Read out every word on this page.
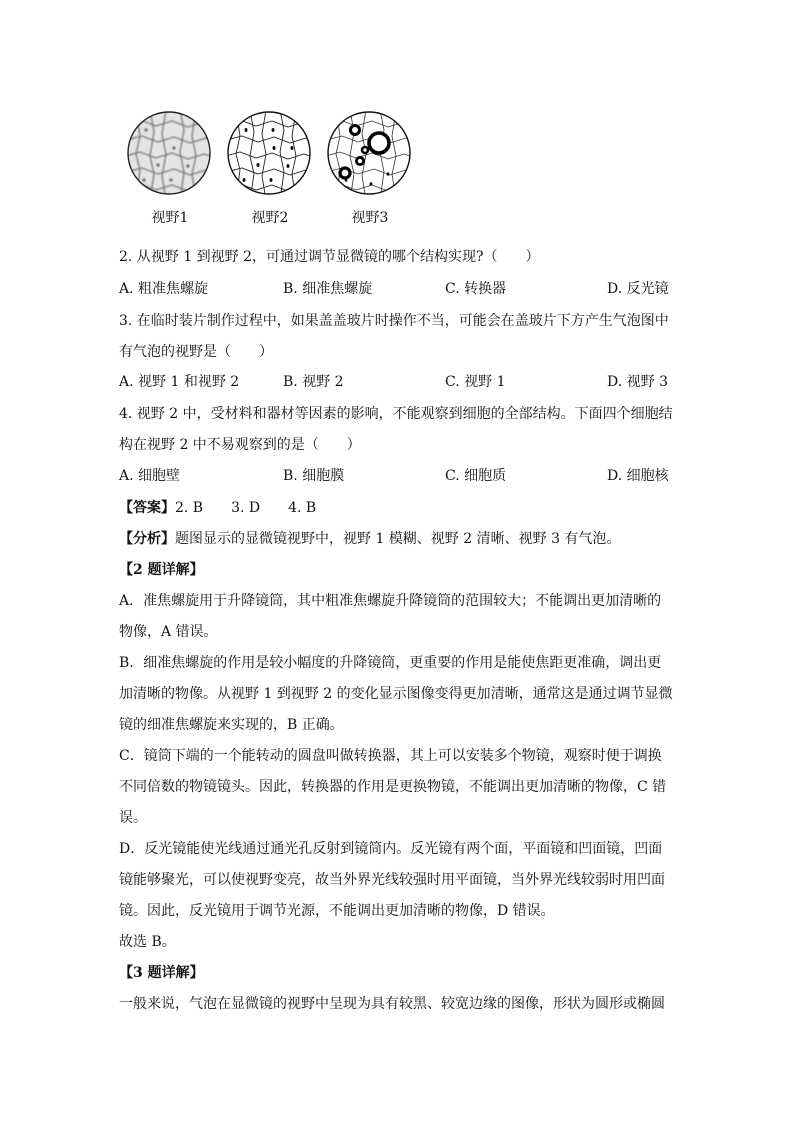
视野1	视野2	视野3
2. 从视野 1 到视野 2，可通过调节显微镜的哪个结构实现?（　　）
A. 粗准焦螺旋	B. 细准焦螺旋	C. 转换器	D. 反光镜
3. 在临时装片制作过程中，如果盖盖玻片时操作不当，可能会在盖玻片下方产生气泡图中
有气泡的视野是（　　）
A. 视野 1 和视野 2	B. 视野 2	C. 视野 1	D. 视野 3
4. 视野 2 中，受材料和器材等因素的影响，不能观察到细胞的全部结构。下面四个细胞结
构在视野 2 中不易观察到的是（　　）
A. 细胞壁	B. 细胞膜	C. 细胞质	D. 细胞核
【答案】2. B　　3. D　　4. B
【分析】题图显示的显微镜视野中，视野 1 模糊、视野 2 清晰、视野 3 有气泡。
【2 题详解】
A．准焦螺旋用于升降镜筒，其中粗准焦螺旋升降镜筒的范围较大；不能调出更加清晰的
物像，A 错误。
B．细准焦螺旋的作用是较小幅度的升降镜筒，更重要的作用是能使焦距更准确，调出更
加清晰的物像。从视野 1 到视野 2 的变化显示图像变得更加清晰，通常这是通过调节显微
镜的细准焦螺旋来实现的，B 正确。
C．镜筒下端的一个能转动的圆盘叫做转换器，其上可以安装多个物镜，观察时便于调换
不同倍数的物镜镜头。因此，转换器的作用是更换物镜，不能调出更加清晰的物像，C 错
误。
D．反光镜能使光线通过通光孔反射到镜筒内。反光镜有两个面，平面镜和凹面镜，凹面
镜能够聚光，可以使视野变亮，故当外界光线较强时用平面镜，当外界光线较弱时用凹面
镜。因此，反光镜用于调节光源，不能调出更加清晰的物像，D 错误。
故选 B。
【3 题详解】
一般来说，气泡在显微镜的视野中呈现为具有较黑、较宽边缘的图像，形状为圆形或椭圆
